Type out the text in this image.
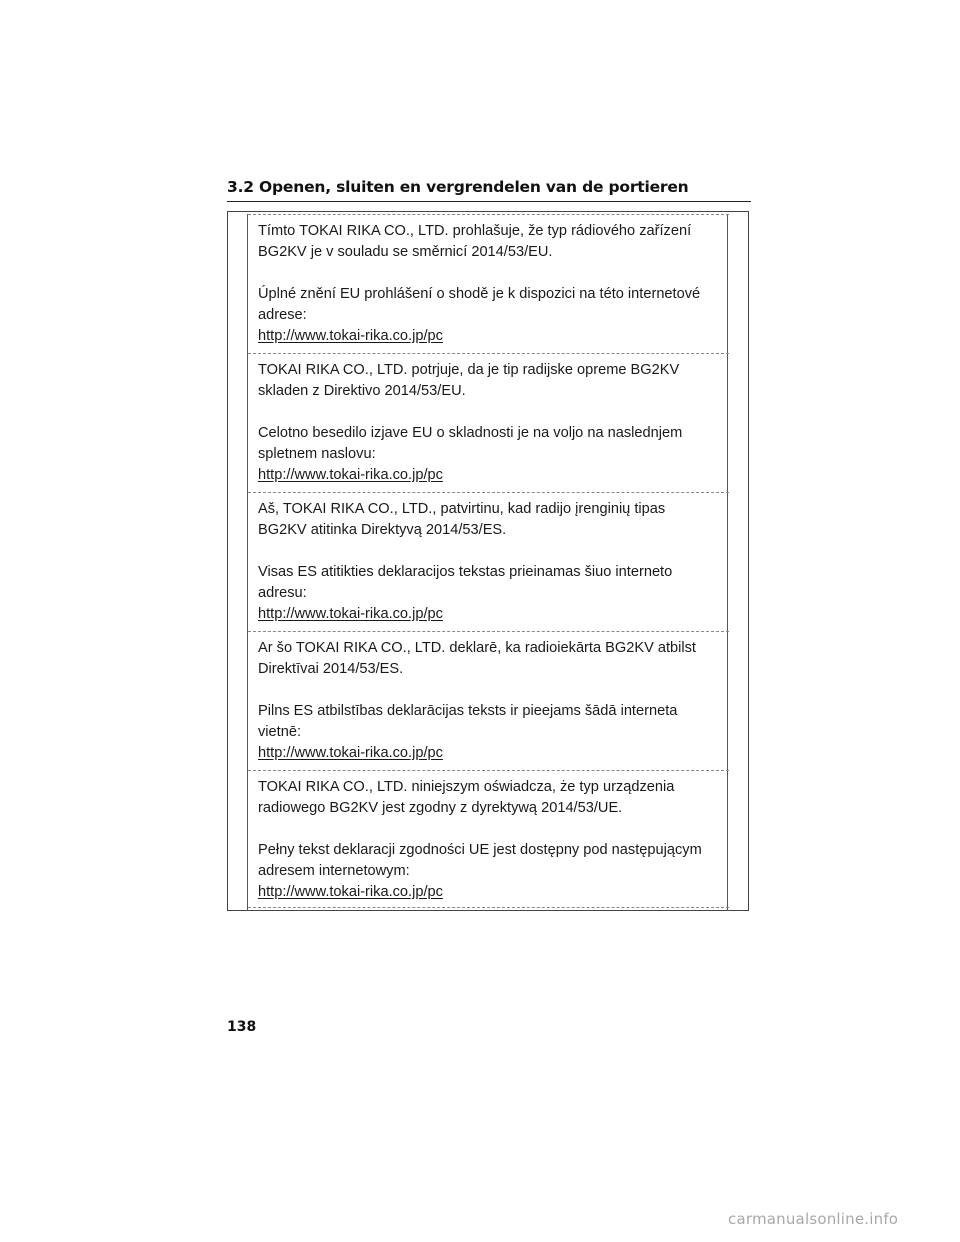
3.2 Openen, sluiten en vergrendelen van de portieren

Tímto TOKAI RIKA CO., LTD. prohlašuje, že typ rádiového zařízení

BG2KV je v souladu se směrnicí 2014/53/EU.

Úplné znění EU prohlášení o shodě je k dispozici na této internetové

adrese:

http://www.tokai-rika.co.jp/pc

TOKAI RIKA CO., LTD. potrjuje, da je tip radijske opreme BG2KV

skladen z Direktivo 2014/53/EU.

Celotno besedilo izjave EU o skladnosti je na voljo na naslednjem

spletnem naslovu:

http://www.tokai-rika.co.jp/pc

Aš, TOKAI RIKA CO., LTD., patvirtinu, kad radijo įrenginių tipas

BG2KV atitinka Direktyvą 2014/53/ES.

Visas ES atitikties deklaracijos tekstas prieinamas šiuo interneto

adresu:

http://www.tokai-rika.co.jp/pc

Ar šo TOKAI RIKA CO., LTD. deklarē, ka radioiekārta BG2KV atbilst

Direktīvai 2014/53/ES.

Pilns ES atbilstības deklarācijas teksts ir pieejams šādā interneta

vietnē:

http://www.tokai-rika.co.jp/pc

TOKAI RIKA CO., LTD. niniejszym oświadcza, że typ urządzenia

radiowego BG2KV jest zgodny z dyrektywą 2014/53/UE.

Pełny tekst deklaracji zgodności UE jest dostępny pod następującym

adresem internetowym:

http://www.tokai-rika.co.jp/pc

138
carmanualsonline.info
